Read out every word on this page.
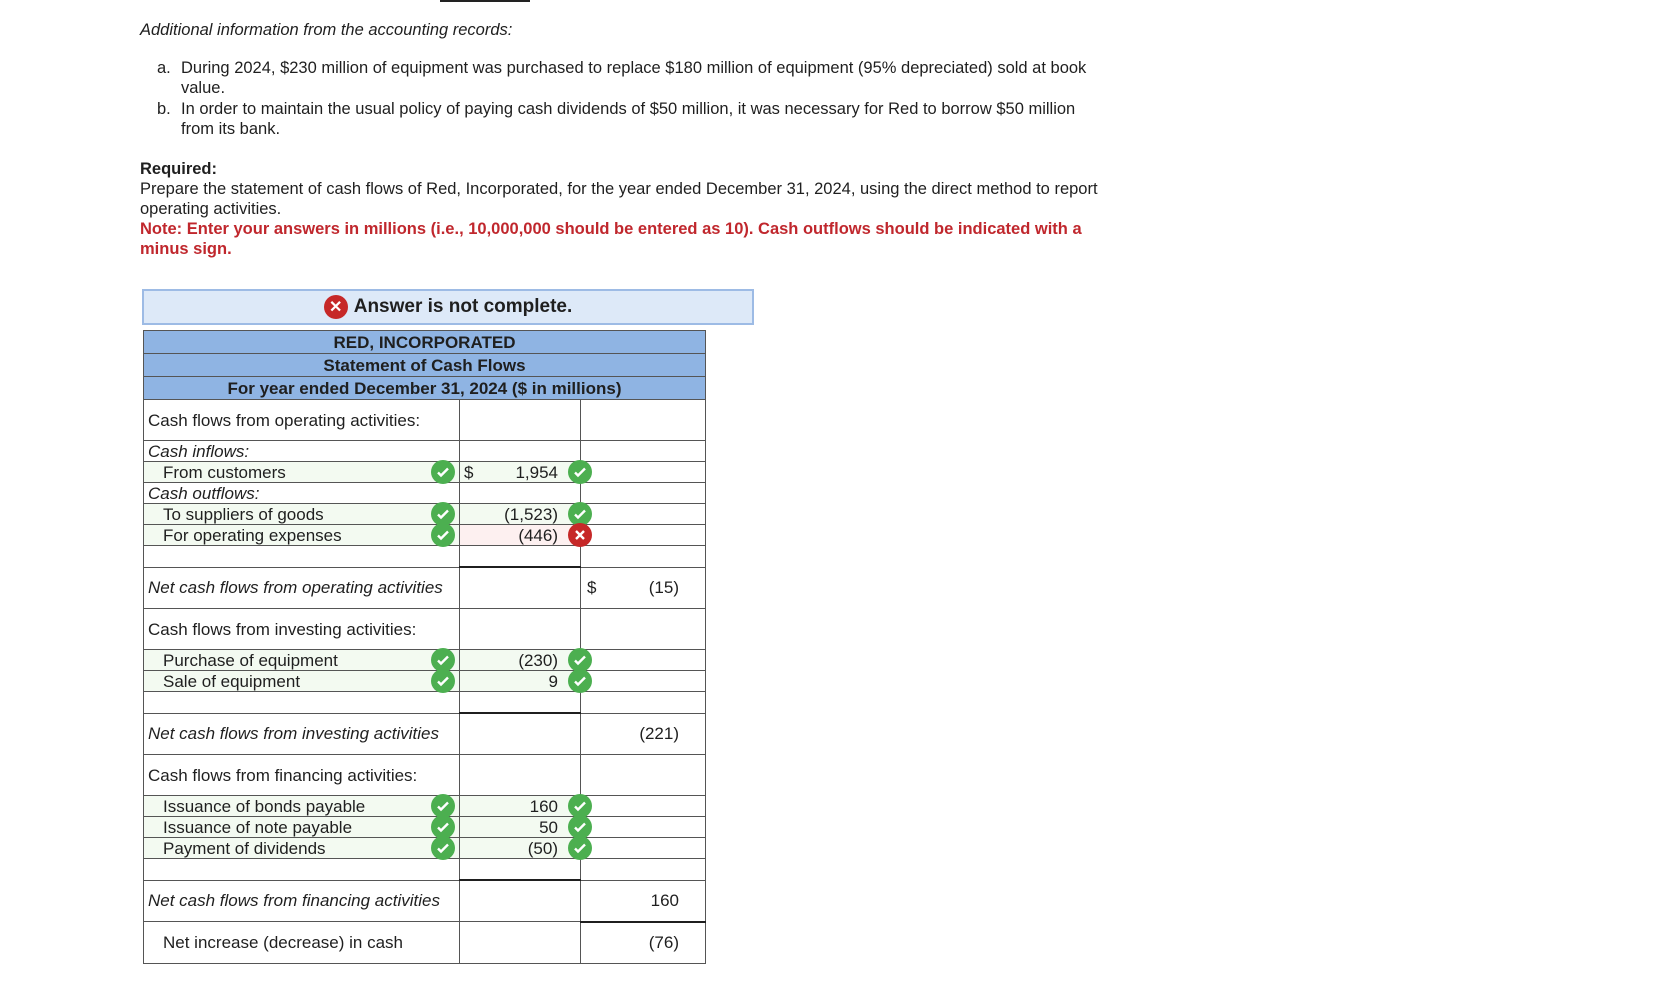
Additional information from the accounting records:

a. During 2024, $230 million of equipment was purchased to replace $180 million of equipment (95% depreciated) sold at book value.
b. In order to maintain the usual policy of paying cash dividends of $50 million, it was necessary for Red to borrow $50 million from its bank.
Required:
Prepare the statement of cash flows of Red, Incorporated, for the year ended December 31, 2024, using the direct method to report operating activities.
Note: Enter your answers in millions (i.e., 10,000,000 should be entered as 10). Cash outflows should be indicated with a minus sign.
✕ Answer is not complete.
RED, INCORPORATED		
Statement of Cash Flows		
For year ended December 31, 2024 ($ in millions)		
Cash flows from operating activities:		
Cash inflows:		
From customers	$ 1,954

Cash outflows:		
To suppliers of goods	(1,523)

For operating expenses	(446)

Net cash flows from operating activities		$ (15)
Cash flows from investing activities:		
Purchase of equipment	(230)

Sale of equipment	9

Net cash flows from investing activities		(221)
Cash flows from financing activities:		
Issuance of bonds payable	160

Issuance of note payable	50

Payment of dividends	(50)

Net cash flows from financing activities		160
Net increase (decrease) in cash		(76)
